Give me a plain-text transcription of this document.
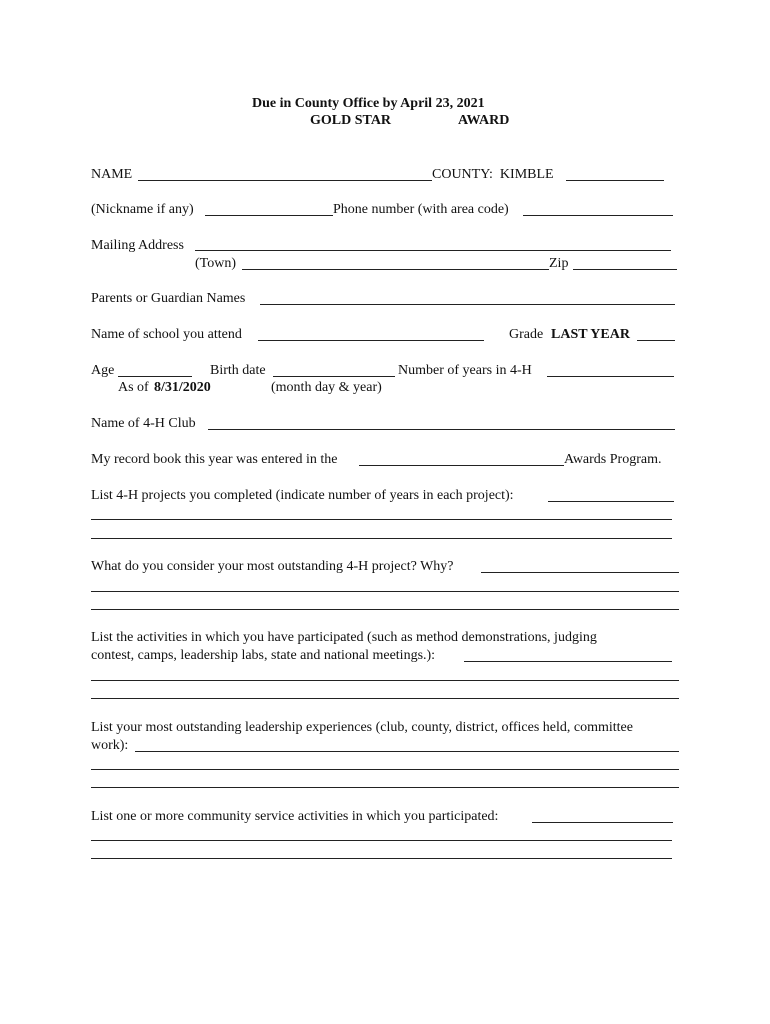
Due in County Office by April 23, 2021
GOLD STAR	AWARD
NAME	COUNTY:  KIMBLE
(Nickname if any)	Phone number (with area code)
Mailing Address
(Town)	Zip
Parents or Guardian Names
Name of school you attend	Grade LAST YEAR
Age	Birth date	Number of years in 4-H
As of 8/31/2020	(month day & year)
Name of 4-H Club
My record book this year was entered in the	Awards Program.
List 4-H projects you completed (indicate number of years in each project):
What do you consider your most outstanding 4-H project? Why?
List the activities in which you have participated (such as method demonstrations, judging
contest, camps, leadership labs, state and national meetings.):
List your most outstanding leadership experiences (club, county, district, offices held, committee
work):
List one or more community service activities in which you participated:
